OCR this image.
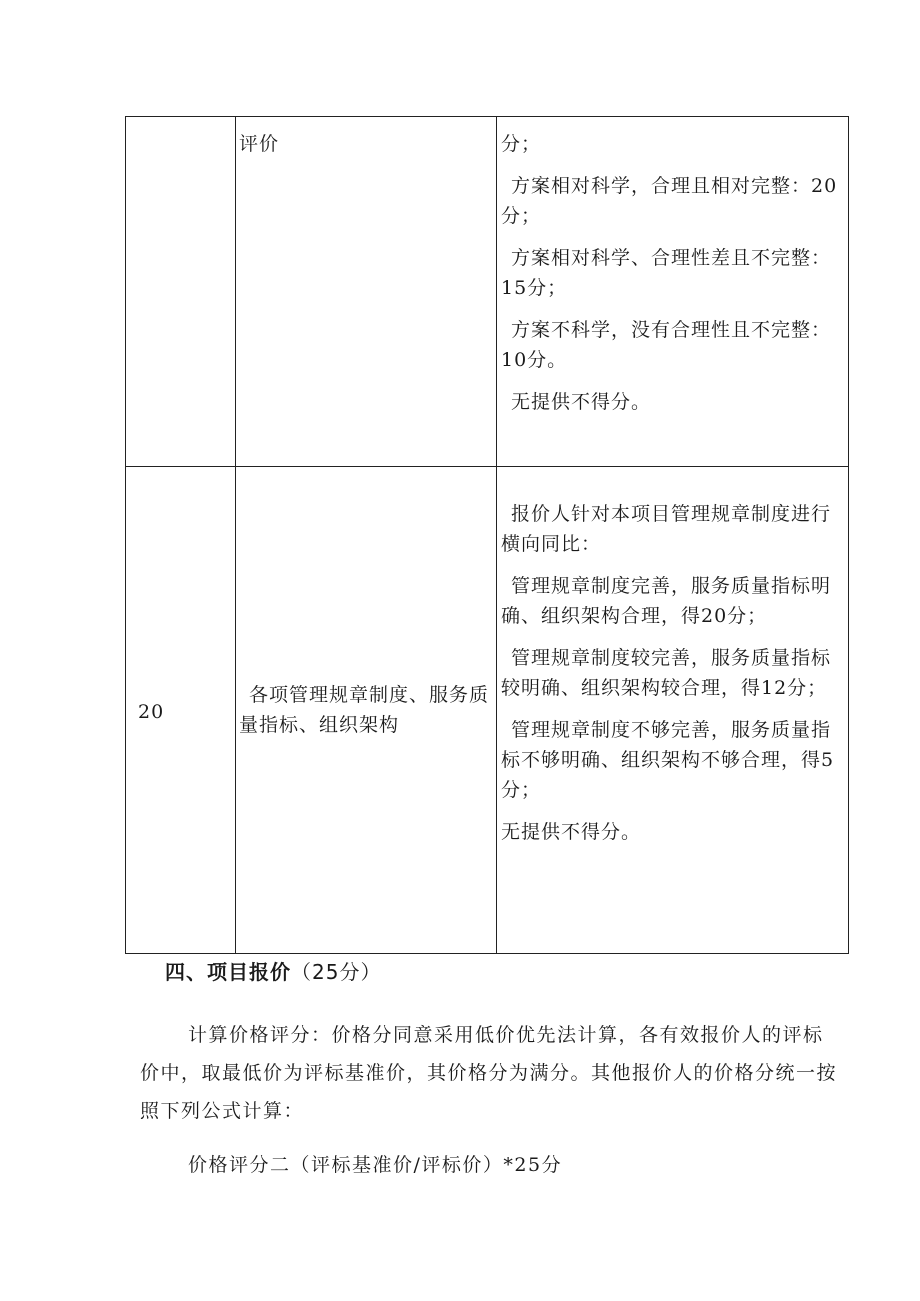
评价	分；

方案相对科学，合理且相对完整：20分；

方案相对科学、合理性差且不完整：15分；

方案不科学，没有合理性且不完整：10分。

无提供不得分。

20
各项管理规章制度、服务质量指标、组织架构

报价人针对本项目管理规章制度进行横向同比：

管理规章制度完善，服务质量指标明确、组织架构合理，得20分；

管理规章制度较完善，服务质量指标较明确、组织架构较合理，得12分；

管理规章制度不够完善，服务质量指标不够明确、组织架构不够合理，得5分；

无提供不得分。

四、项目报价（25分）
计算价格评分：价格分同意采用低价优先法计算，各有效报价人的评标价中，取最低价为评标基准价，其价格分为满分。其他报价人的价格分统一按照下列公式计算：
价格评分二（评标基准价/评标价）*25分
